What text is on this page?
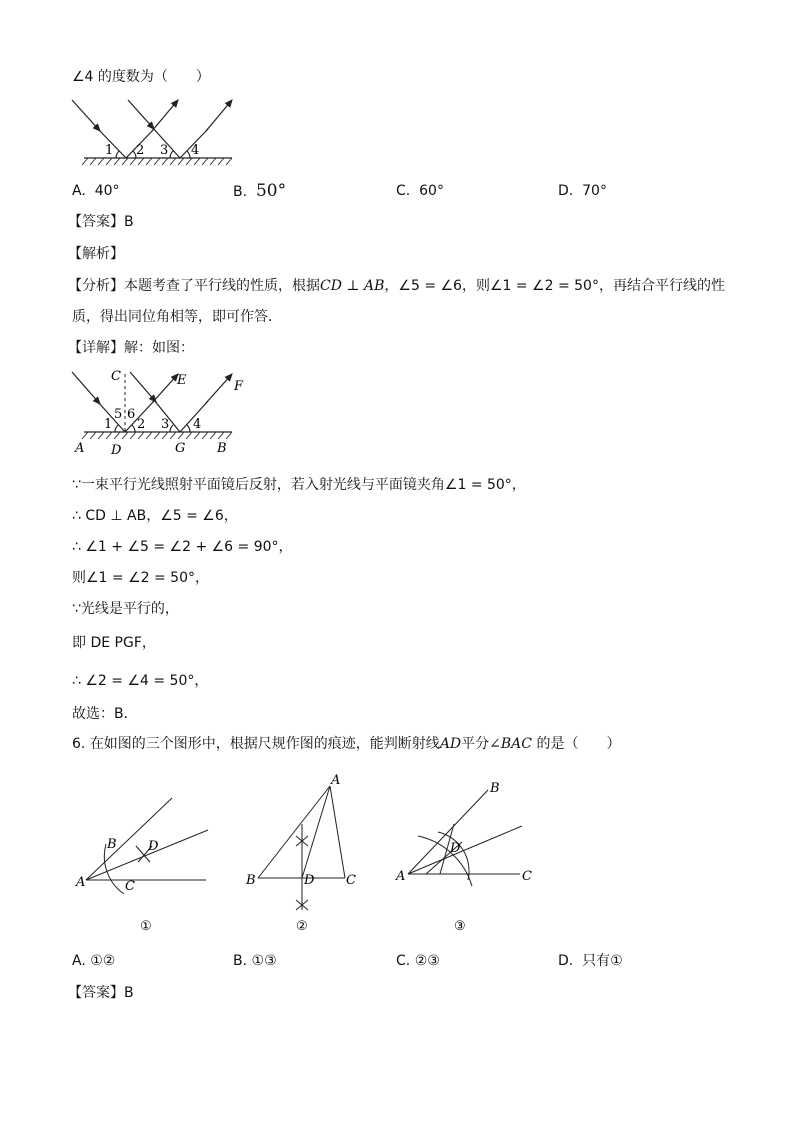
∠4 的度数为（　　）
1 2 3 4
A. 40°	B. 50°	C. 60°	D. 70°
【答案】B
【解析】
【分析】本题考查了平行线的性质，根据CD ⊥ AB，∠5 = ∠6，则∠1 = ∠2 = 50°，再结合平行线的性
质，得出同位角相等，即可作答．
【详解】解：如图：
C	E	F
5 6
1 2 3 4
A D	G B
∵一束平行光线照射平面镜后反射，若入射光线与平面镜夹角∠1 = 50°，
∴ CD ⊥ AB，∠5 = ∠6，
∴ ∠1 + ∠5 = ∠2 + ∠6 = 90°，
则∠1 = ∠2 = 50°，
∵光线是平行的，
即 DE PGF，
∴ ∠2 = ∠4 = 50°，
故选：B．
6. 在如图的三个图形中，根据尺规作图的痕迹，能判断射线AD平分∠BAC 的是（　　）
B D
A	C
①
A
B	D C
②
B
D
A	C
③
A. ①②	B. ①③	C. ②③	D. 只有①
【答案】B
